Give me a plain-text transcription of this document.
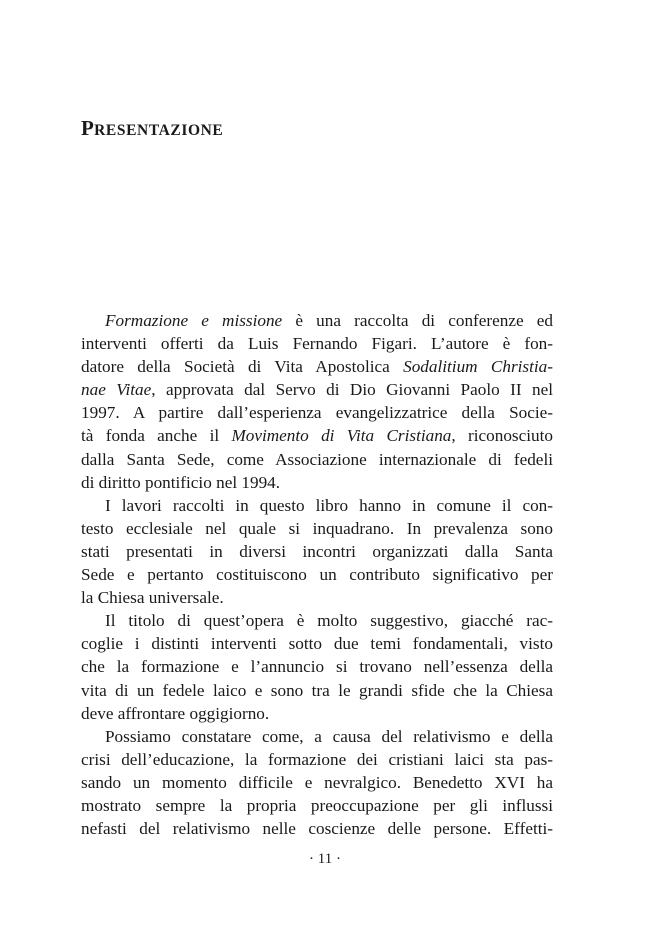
PRESENTAZIONE
Formazione e missione è una raccolta di conferenze ed
interventi offerti da Luis Fernando Figari. L’autore è fon-
datore della Società di Vita Apostolica Sodalitium Christia-
nae Vitae, approvata dal Servo di Dio Giovanni Paolo II nel
1997. A partire dall’esperienza evangelizzatrice della Socie-
tà fonda anche il Movimento di Vita Cristiana, riconosciuto
dalla Santa Sede, come Associazione internazionale di fedeli
di diritto pontificio nel 1994.
I lavori raccolti in questo libro hanno in comune il con-
testo ecclesiale nel quale si inquadrano. In prevalenza sono
stati presentati in diversi incontri organizzati dalla Santa
Sede e pertanto costituiscono un contributo significativo per
la Chiesa universale.
Il titolo di quest’opera è molto suggestivo, giacché rac-
coglie i distinti interventi sotto due temi fondamentali, visto
che la formazione e l’annuncio si trovano nell’essenza della
vita di un fedele laico e sono tra le grandi sfide che la Chiesa
deve affrontare oggigiorno.
Possiamo constatare come, a causa del relativismo e della
crisi dell’educazione, la formazione dei cristiani laici sta pas-
sando un momento difficile e nevralgico. Benedetto XVI ha
mostrato sempre la propria preoccupazione per gli influssi
nefasti del relativismo nelle coscienze delle persone. Effetti-
· 11 ·
